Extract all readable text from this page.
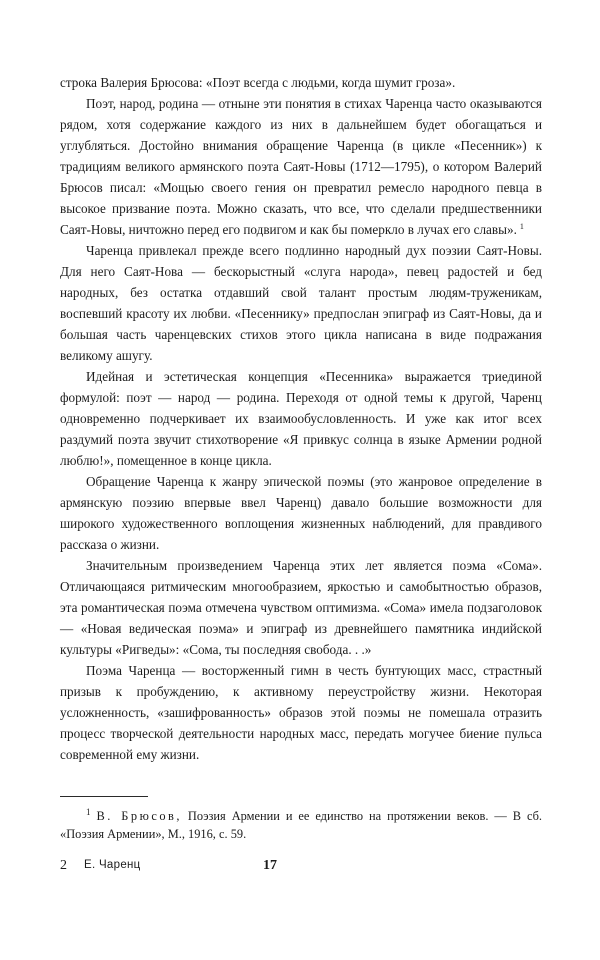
строка Валерия Брюсова: «Поэт всегда с людьми, когда шумит гроза».

Поэт, народ, родина — отныне эти понятия в стихах Чаренца часто оказываются рядом, хотя содержание каждого из них в дальнейшем будет обогащаться и углубляться. Достойно внимания обращение Чаренца (в цикле «Песенник») к традициям великого армянского поэта Саят-Новы (1712—1795), о котором Валерий Брюсов писал: «Мощью своего гения он превратил ремесло народного певца в высокое призвание поэта. Можно сказать, что все, что сделали предшественники Саят-Новы, ничтожно перед его подвигом и как бы померкло в лучах его славы». $^1$

Чаренца привлекал прежде всего подлинно народный дух поэзии Саят-Новы. Для него Саят-Нова — бескорыстный «слуга народа», певец радостей и бед народных, без остатка отдавший свой талант простым людям-труженикам, воспевший красоту их любви. «Песеннику» предпослан эпиграф из Саят-Новы, да и большая часть чаренцевских стихов этого цикла написана в виде подражания великому ашугу.

Идейная и эстетическая концепция «Песенника» выражается триединой формулой: поэт — народ — родина. Переходя от одной темы к другой, Чаренц одновременно подчеркивает их взаимообусловленность. И уже как итог всех раздумий поэта звучит стихотворение «Я привкус солнца в языке Армении родной люблю!», помещенное в конце цикла.

Обращение Чаренца к жанру эпической поэмы (это жанровое определение в армянскую поэзию впервые ввел Чаренц) давало большие возможности для широкого художественного воплощения жизненных наблюдений, для правдивого рассказа о жизни.

Значительным произведением Чаренца этих лет является поэма «Сома». Отличающаяся ритмическим многообразием, яркостью и самобытностью образов, эта романтическая поэма отмечена чувством оптимизма. «Сома» имела подзаголовок — «Новая ведическая поэма» и эпиграф из древнейшего памятника индийской культуры «Ригведы»: «Сома, ты последняя свобода. . .»

Поэма Чаренца — восторженный гимн в честь бунтующих масс, страстный призыв к пробуждению, к активному переустройству жизни. Некоторая усложненность, «зашифрованность» образов этой поэмы не помешала отразить процесс творческой деятельности народных масс, передать могучее биение пульса современной ему жизни.

$^1$ В. Брюсов, Поэзия Армении и ее единство на протяжении веков. — В сб. «Поэзия Армении», М., 1916, с. 59.

2 Е. Чаренц	17
